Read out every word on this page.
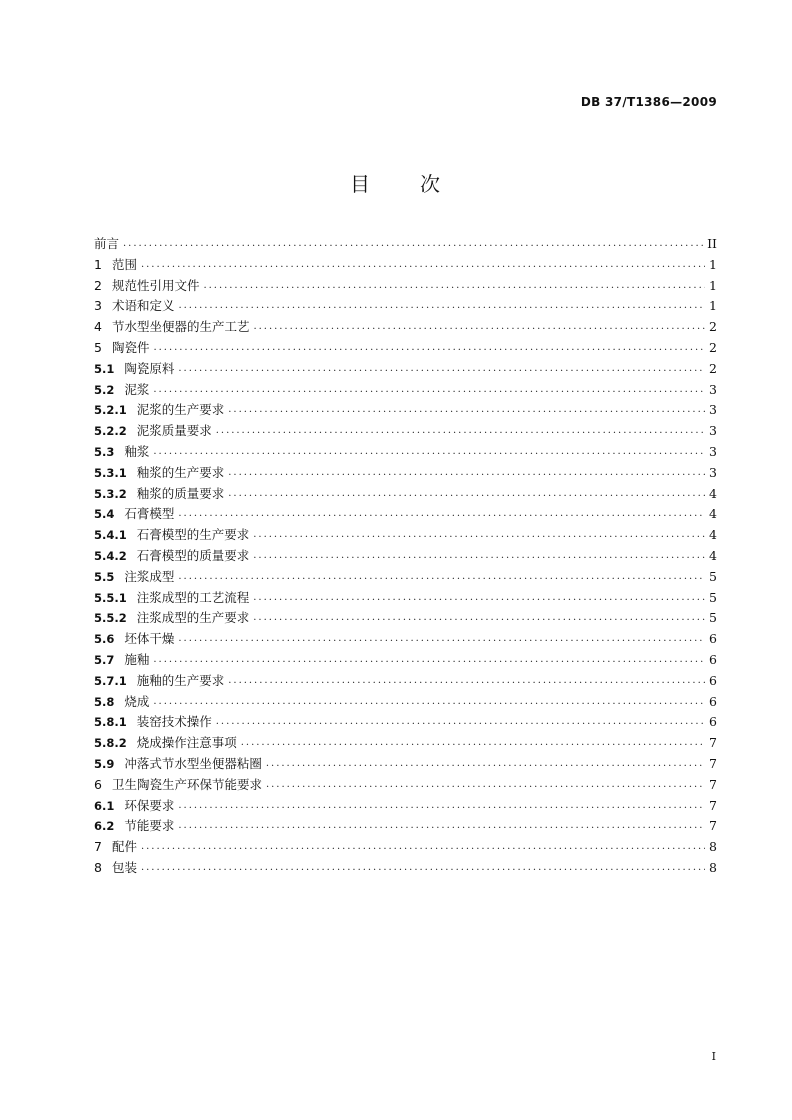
DB 37/T1386—2009
目 次
前言 . . .	II
1 范围 . . .	1
2 规范性引用文件 . . .	1
3 术语和定义 . . .	1
4 节水型坐便器的生产工艺 . . .	2
5 陶瓷件 . . .	2
5.1 陶瓷原料 . . .	2
5.2 泥浆 . . .	3
5.2.1 泥浆的生产要求 . . .	3
5.2.2 泥浆质量要求 . . .	3
5.3 釉浆 . . .	3
5.3.1 釉浆的生产要求 . . .	3
5.3.2 釉浆的质量要求 . . .	4
5.4 石膏模型 . . .	4
5.4.1 石膏模型的生产要求 . . .	4
5.4.2 石膏模型的质量要求 . . .	4
5.5 注浆成型 . . .	5
5.5.1 注浆成型的工艺流程 . . .	5
5.5.2 注浆成型的生产要求 . . .	5
5.6 坯体干燥 . . .	6
5.7 施釉 . . .	6
5.7.1 施釉的生产要求 . . .	6
5.8 烧成 . . .	6
5.8.1 装窑技术操作 . . .	6
5.8.2 烧成操作注意事项 . . .	7
5.9 冲落式节水型坐便器粘圈 . . .	7
6 卫生陶瓷生产环保节能要求 . . .	7
6.1 环保要求 . . .	7
6.2 节能要求 . . .	7
7 配件 . . .	8
8 包装 . . .	8
I
